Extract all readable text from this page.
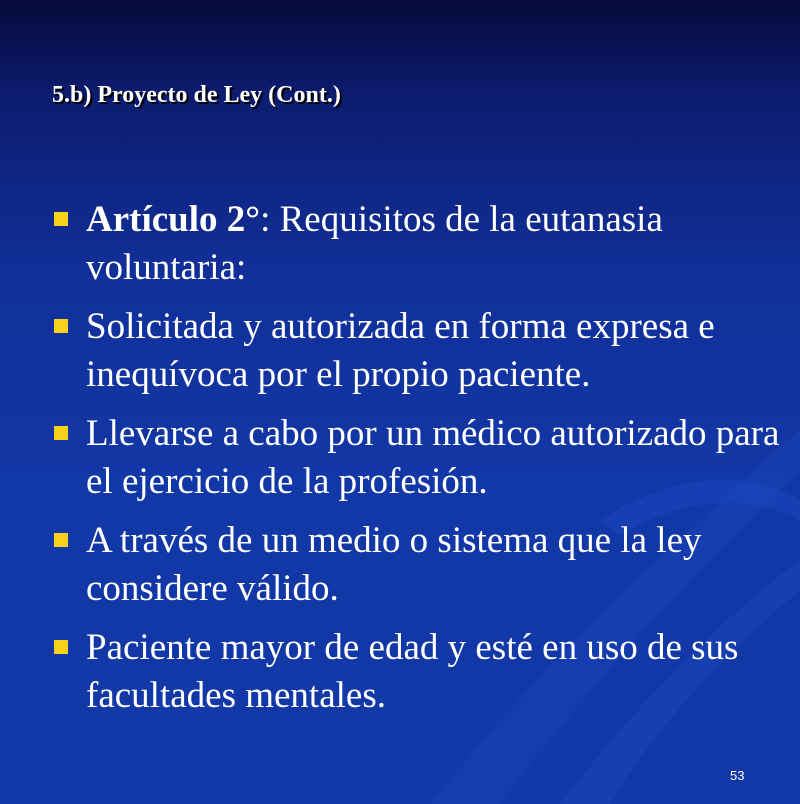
5.b) Proyecto de Ley (Cont.)
Artículo 2°: Requisitos de la eutanasia voluntaria:
Solicitada y autorizada en forma expresa e inequívoca por el propio paciente.
Llevarse a cabo por un médico autorizado para el ejercicio de la profesión.
A través de un medio o sistema que la ley considere válido.
Paciente mayor de edad y esté en uso de sus facultades mentales.
53
